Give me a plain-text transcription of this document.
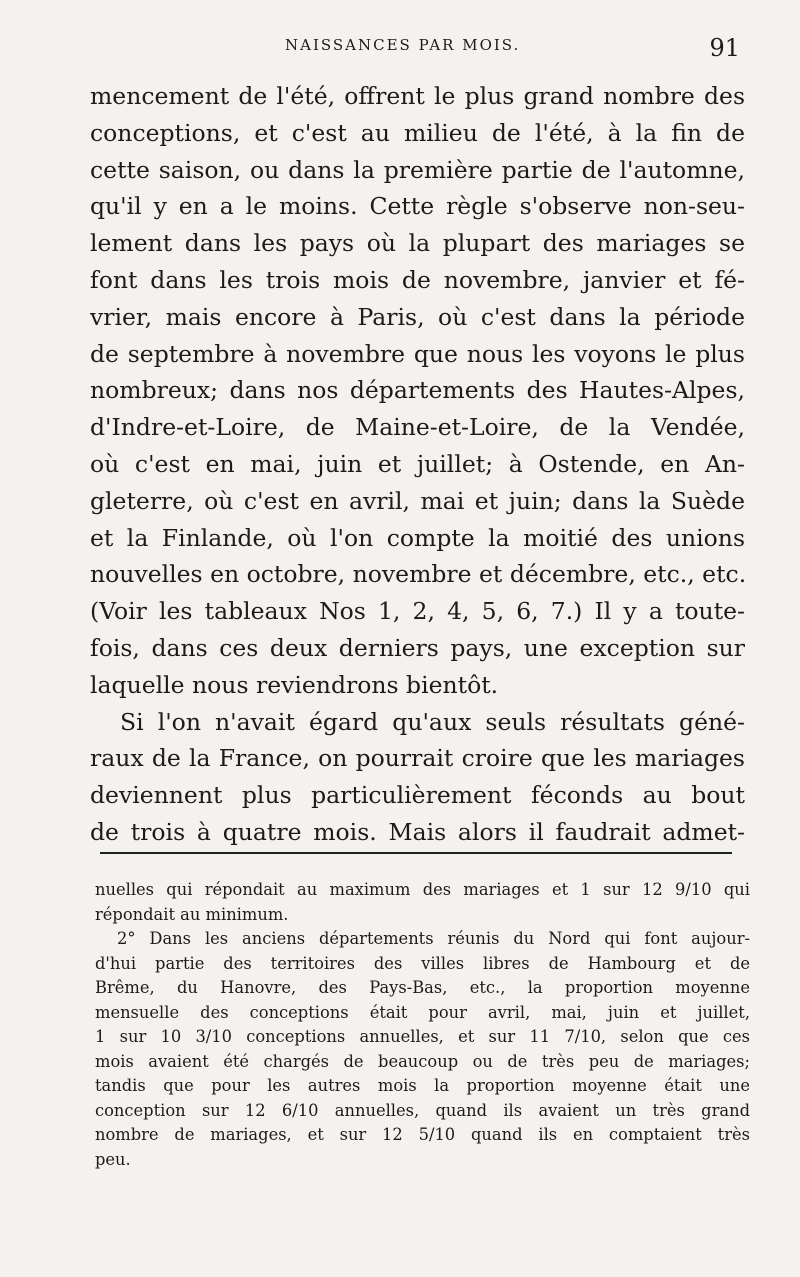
NAISSANCES PAR MOIS.	91
mencement de l'été, offrent le plus grand nombre des
conceptions, et c'est au milieu de l'été, à la fin de
cette saison, ou dans la première partie de l'automne,
qu'il y en a le moins. Cette règle s'observe non-seu-
lement dans les pays où la plupart des mariages se
font dans les trois mois de novembre, janvier et fé-
vrier, mais encore à Paris, où c'est dans la période
de septembre à novembre que nous les voyons le plus
nombreux; dans nos départements des Hautes-Alpes,
d'Indre-et-Loire, de Maine-et-Loire, de la Vendée,
où c'est en mai, juin et juillet; à Ostende, en An-
gleterre, où c'est en avril, mai et juin; dans la Suède
et la Finlande, où l'on compte la moitié des unions
nouvelles en octobre, novembre et décembre, etc., etc.
(Voir les tableaux Nos 1, 2, 4, 5, 6, 7.) Il y a toute-
fois, dans ces deux derniers pays, une exception sur
laquelle nous reviendrons bientôt.
Si l'on n'avait égard qu'aux seuls résultats géné-
raux de la France, on pourrait croire que les mariages
deviennent plus particulièrement féconds au bout
de trois à quatre mois. Mais alors il faudrait admet-
nuelles qui répondait au maximum des mariages et 1 sur 12 9/10 qui
répondait au minimum.
2° Dans les anciens départements réunis du Nord qui font aujour-
d'hui partie des territoires des villes libres de Hambourg et de
Brême, du Hanovre, des Pays-Bas, etc., la proportion moyenne
mensuelle des conceptions était pour avril, mai, juin et juillet,
1 sur 10 3/10 conceptions annuelles, et sur 11 7/10, selon que ces
mois avaient été chargés de beaucoup ou de très peu de mariages;
tandis que pour les autres mois la proportion moyenne était une
conception sur 12 6/10 annuelles, quand ils avaient un très grand
nombre de mariages, et sur 12 5/10 quand ils en comptaient très
peu.
